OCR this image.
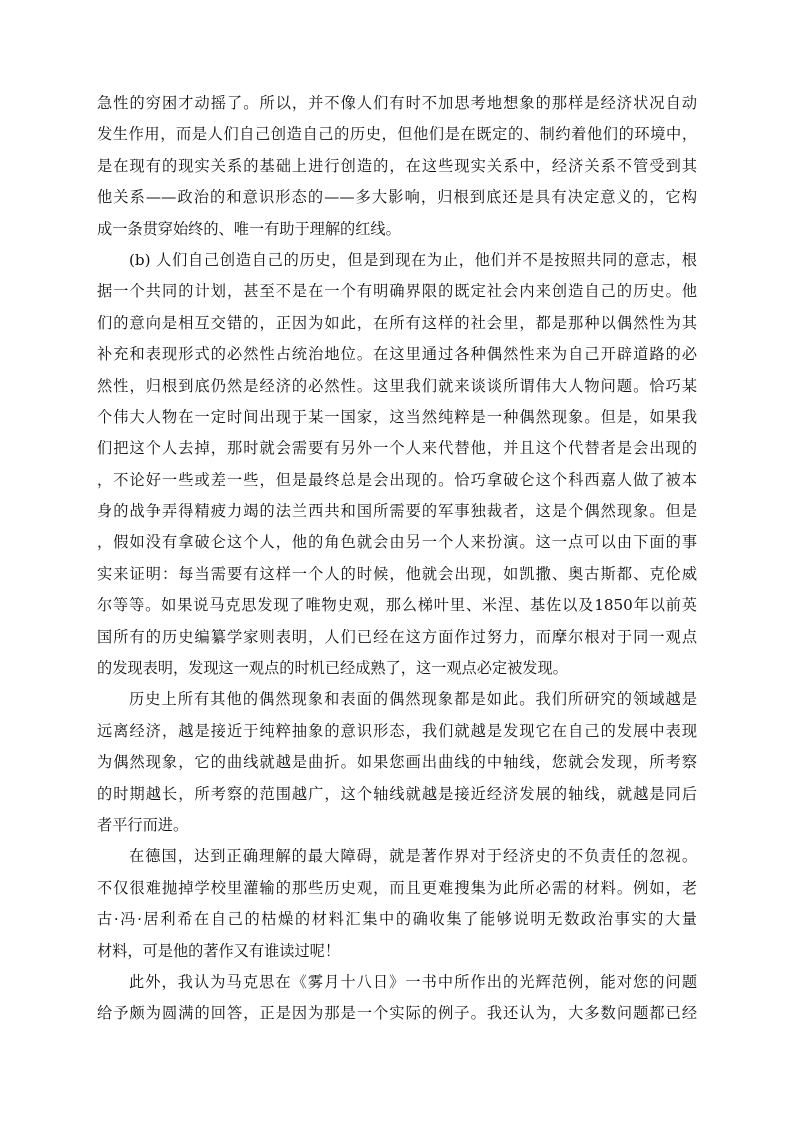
急性的穷困才动摇了。所以，并不像人们有时不加思考地想象的那样是经济状况自动
发生作用，而是人们自己创造自己的历史，但他们是在既定的、制约着他们的环境中，
是在现有的现实关系的基础上进行创造的，在这些现实关系中，经济关系不管受到其
他关系——政治的和意识形态的——多大影响，归根到底还是具有决定意义的，它构
成一条贯穿始终的、唯一有助于理解的红线。
(b) 人们自己创造自己的历史，但是到现在为止，他们并不是按照共同的意志，根
据一个共同的计划，甚至不是在一个有明确界限的既定社会内来创造自己的历史。他
们的意向是相互交错的，正因为如此，在所有这样的社会里，都是那种以偶然性为其
补充和表现形式的必然性占统治地位。在这里通过各种偶然性来为自己开辟道路的必
然性，归根到底仍然是经济的必然性。这里我们就来谈谈所谓伟大人物问题。恰巧某
个伟大人物在一定时间出现于某一国家，这当然纯粹是一种偶然现象。但是，如果我
们把这个人去掉，那时就会需要有另外一个人来代替他，并且这个代替者是会出现的
，不论好一些或差一些，但是最终总是会出现的。恰巧拿破仑这个科西嘉人做了被本
身的战争弄得精疲力竭的法兰西共和国所需要的军事独裁者，这是个偶然现象。但是
，假如没有拿破仑这个人，他的角色就会由另一个人来扮演。这一点可以由下面的事
实来证明：每当需要有这样一个人的时候，他就会出现，如凯撒、奥古斯都、克伦威
尔等等。如果说马克思发现了唯物史观，那么梯叶里、米涅、基佐以及1850年以前英
国所有的历史编纂学家则表明，人们已经在这方面作过努力，而摩尔根对于同一观点
的发现表明，发现这一观点的时机已经成熟了，这一观点必定被发现。
历史上所有其他的偶然现象和表面的偶然现象都是如此。我们所研究的领域越是
远离经济，越是接近于纯粹抽象的意识形态，我们就越是发现它在自己的发展中表现
为偶然现象，它的曲线就越是曲折。如果您画出曲线的中轴线，您就会发现，所考察
的时期越长，所考察的范围越广，这个轴线就越是接近经济发展的轴线，就越是同后
者平行而进。
在德国，达到正确理解的最大障碍，就是著作界对于经济史的不负责任的忽视。
不仅很难抛掉学校里灌输的那些历史观，而且更难搜集为此所必需的材料。例如，老
古·冯·居利希在自己的枯燥的材料汇集中的确收集了能够说明无数政治事实的大量
材料，可是他的著作又有谁读过呢！
此外，我认为马克思在《雾月十八日》一书中所作出的光辉范例，能对您的问题
给予颇为圆满的回答，正是因为那是一个实际的例子。我还认为，大多数问题都已经
